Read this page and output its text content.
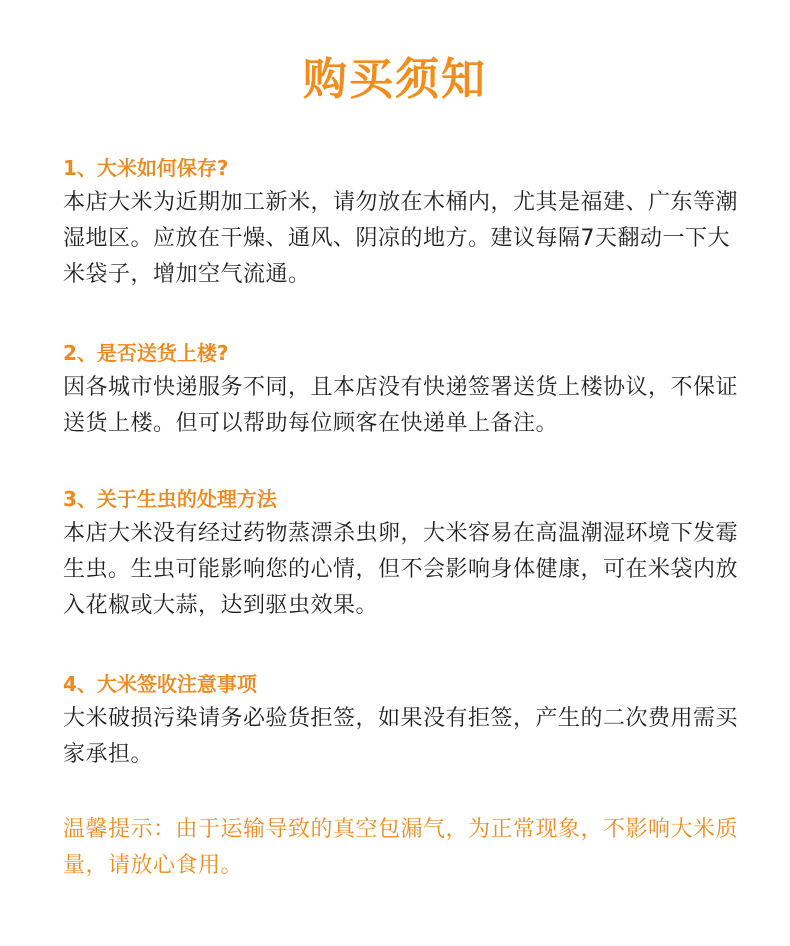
购买须知

1、大米如何保存?

本店大米为近期加工新米，请勿放在木桶内，尤其是福建、广东等潮湿地区。应放在干燥、通风、阴凉的地方。建议每隔7天翻动一下大米袋子，增加空气流通。

2、是否送货上楼?

因各城市快递服务不同，且本店没有快递签署送货上楼协议，不保证送货上楼。但可以帮助每位顾客在快递单上备注。

3、关于生虫的处理方法

本店大米没有经过药物蒸漂杀虫卵，大米容易在高温潮湿环境下发霉生虫。生虫可能影响您的心情，但不会影响身体健康，可在米袋内放入花椒或大蒜，达到驱虫效果。

4、大米签收注意事项

大米破损污染请务必验货拒签，如果没有拒签，产生的二次费用需买家承担。

温馨提示：由于运输导致的真空包漏气，为正常现象，不影响大米质量，请放心食用。
